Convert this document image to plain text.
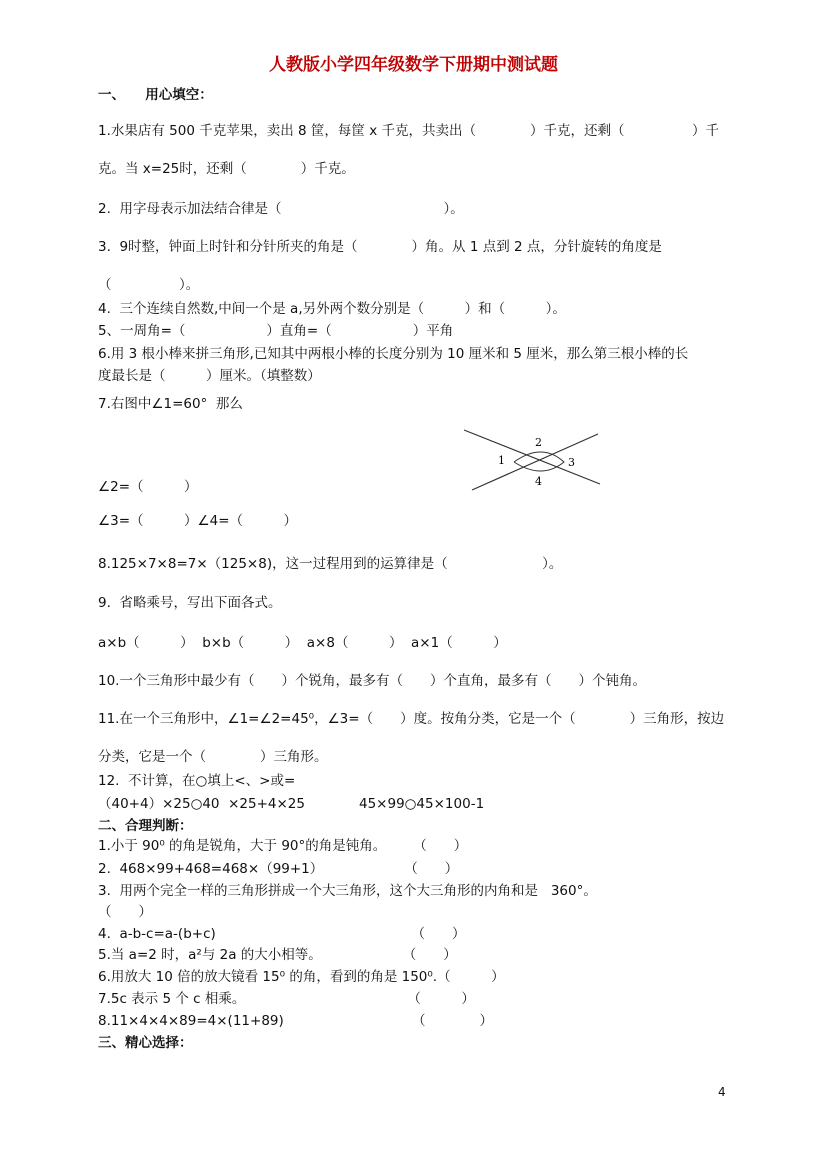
人教版小学四年级数学下册期中测试题
一、　　用心填空：
1.水果店有 500 千克苹果，卖出 8 筐，每筐 x 千克，共卖出（　　　　）千克，还剩（　　　　　）千
克。当 x=25时，还剩（　　　　）千克。
2.  用字母表示加法结合律是（　　　　　　　　　　　　）。
3.  9时整，钟面上时针和分针所夹的角是（　　　　）角。从 1 点到 2 点，分针旋转的角度是
（　　　　　）。
4.  三个连续自然数,中间一个是 a,另外两个数分别是（　　　）和（　　　）。
5、一周角=（　　　　　　）直角=（　　　　　　）平角
6.用 3 根小棒来拼三角形,已知其中两根小棒的长度分别为 10 厘米和 5 厘米，那么第三根小棒的长
度最长是（　　　）厘米。（填整数）
7.右图中∠1=60°  那么
1
2
3
4
∠2=（　　　）
∠3=（　　　）∠4=（　　　）
8.125×7×8=7×（125×8)，这一过程用到的运算律是（　　　　　　　）。
9.  省略乘号，写出下面各式。
a×b（　　　）  b×b（　　　）  a×8（　　　）  a×1（　　　）
10.一个三角形中最少有（　　）个锐角，最多有（　　）个直角，最多有（　　）个钝角。
11.在一个三角形中，∠1=∠2=45⁰，∠3=（　　）度。按角分类，它是一个（　　　　）三角形，按边
分类，它是一个（　　　　）三角形。
12.  不计算，在○填上<、>或=
（40+4）×25○40  ×25+4×25　　　　45×99○45×100-1
二、合理判断：
1.小于 90⁰ 的角是锐角，大于 90°的角是钝角。　　　（　　）
2.  468×99+468=468×（99+1）　　　　　　　（　　）
3.  用两个完全一样的三角形拼成一个大三角形，这个大三角形的内角和是   360°。
（　　）
4.  a-b-c=a-(b+c)　　　　　　　　　　　　　　　（　　）
5.当 a=2 时，a²与 2a 的大小相等。　　　　　　　（　　）
6.用放大 10 倍的放大镜看 15⁰ 的角，看到的角是 150⁰.（　　　）
7.5c 表示 5 个 c 相乘。　　　　　　　　　　　　　（　　　）
8.11×4×4×89=4×(11+89)　　　　　　　　　　（　　　　）
三、精心选择：
4
